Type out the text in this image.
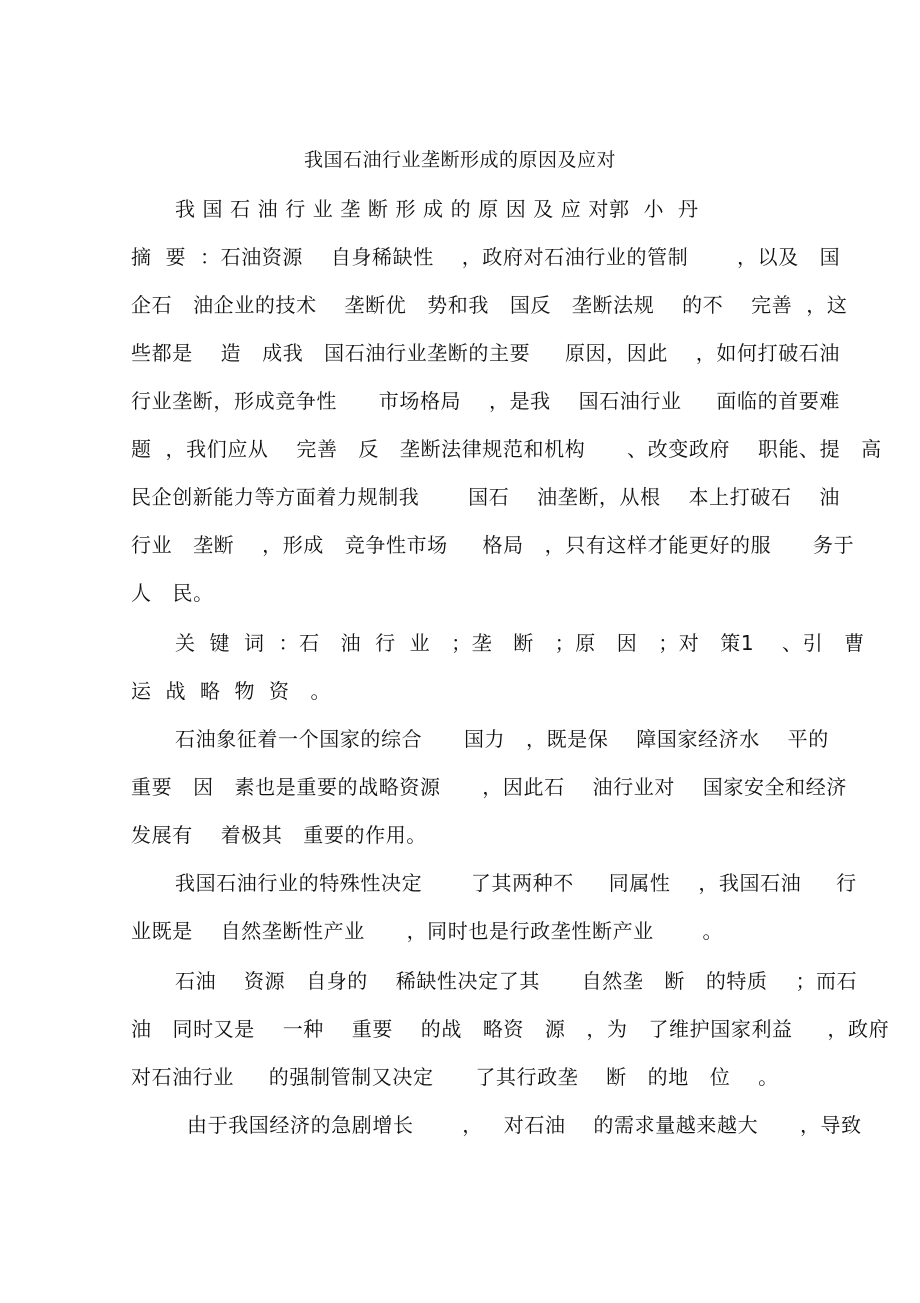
我国石油行业垄断形成的原因及应对
我 国 石 油 行 业 垄 断 形 成 的 原 因 及 应 对郭  小  丹
摘  要  ：石油资源    自身稀缺性    ，政府对石油行业的管制       ，以及   国
企石   油企业的技术    垄断优   势和我   国反   垄断法规    的不    完善  ，这
些都是    造   成我   国石油行业垄断的主要     原因，因此    ，如何打破石油
行业垄断，形成竞争性      市场格局    ，是我    国石油行业     面临的首要难
题  ，我们应从    完善   反   垄断法律规范和机构      、改变政府    职能、提   高
民企创新能力等方面着力规制我       国石    油垄断，从根    本上打破石    油
行业   垄断    ，形成   竞争性市场     格局   ，只有这样才能更好的服      务于
人   民。
关  键  词  ：石   油  行  业   ；垄   断   ；原   因   ；对   策1    、引   曹
运  战  略  物  资   。
石油象征着一个国家的综合      国力   ，既是保    障国家经济水    平的
重要   因   素也是重要的战略资源      ，因此石    油行业对    国家安全和经济
发展有    着极其   重要的作用。
我国石油行业的特殊性决定       了其两种不     同属性    ，我国石油     行
业既是    自然垄断性产业      ，同时也是行政垄性断产业       。
石油    资源   自身的    稀缺性决定了其      自然垄   断   的特质    ；而石
油   同时又是    一种    重要    的战   略资   源   ，为   了维护国家利益     ，政府
对石油行业     的强制管制又决定      了其行政垄    断   的地   位    。
由于我国经济的急剧增长       ，   对石油    的需求量越来越大      ，导致
